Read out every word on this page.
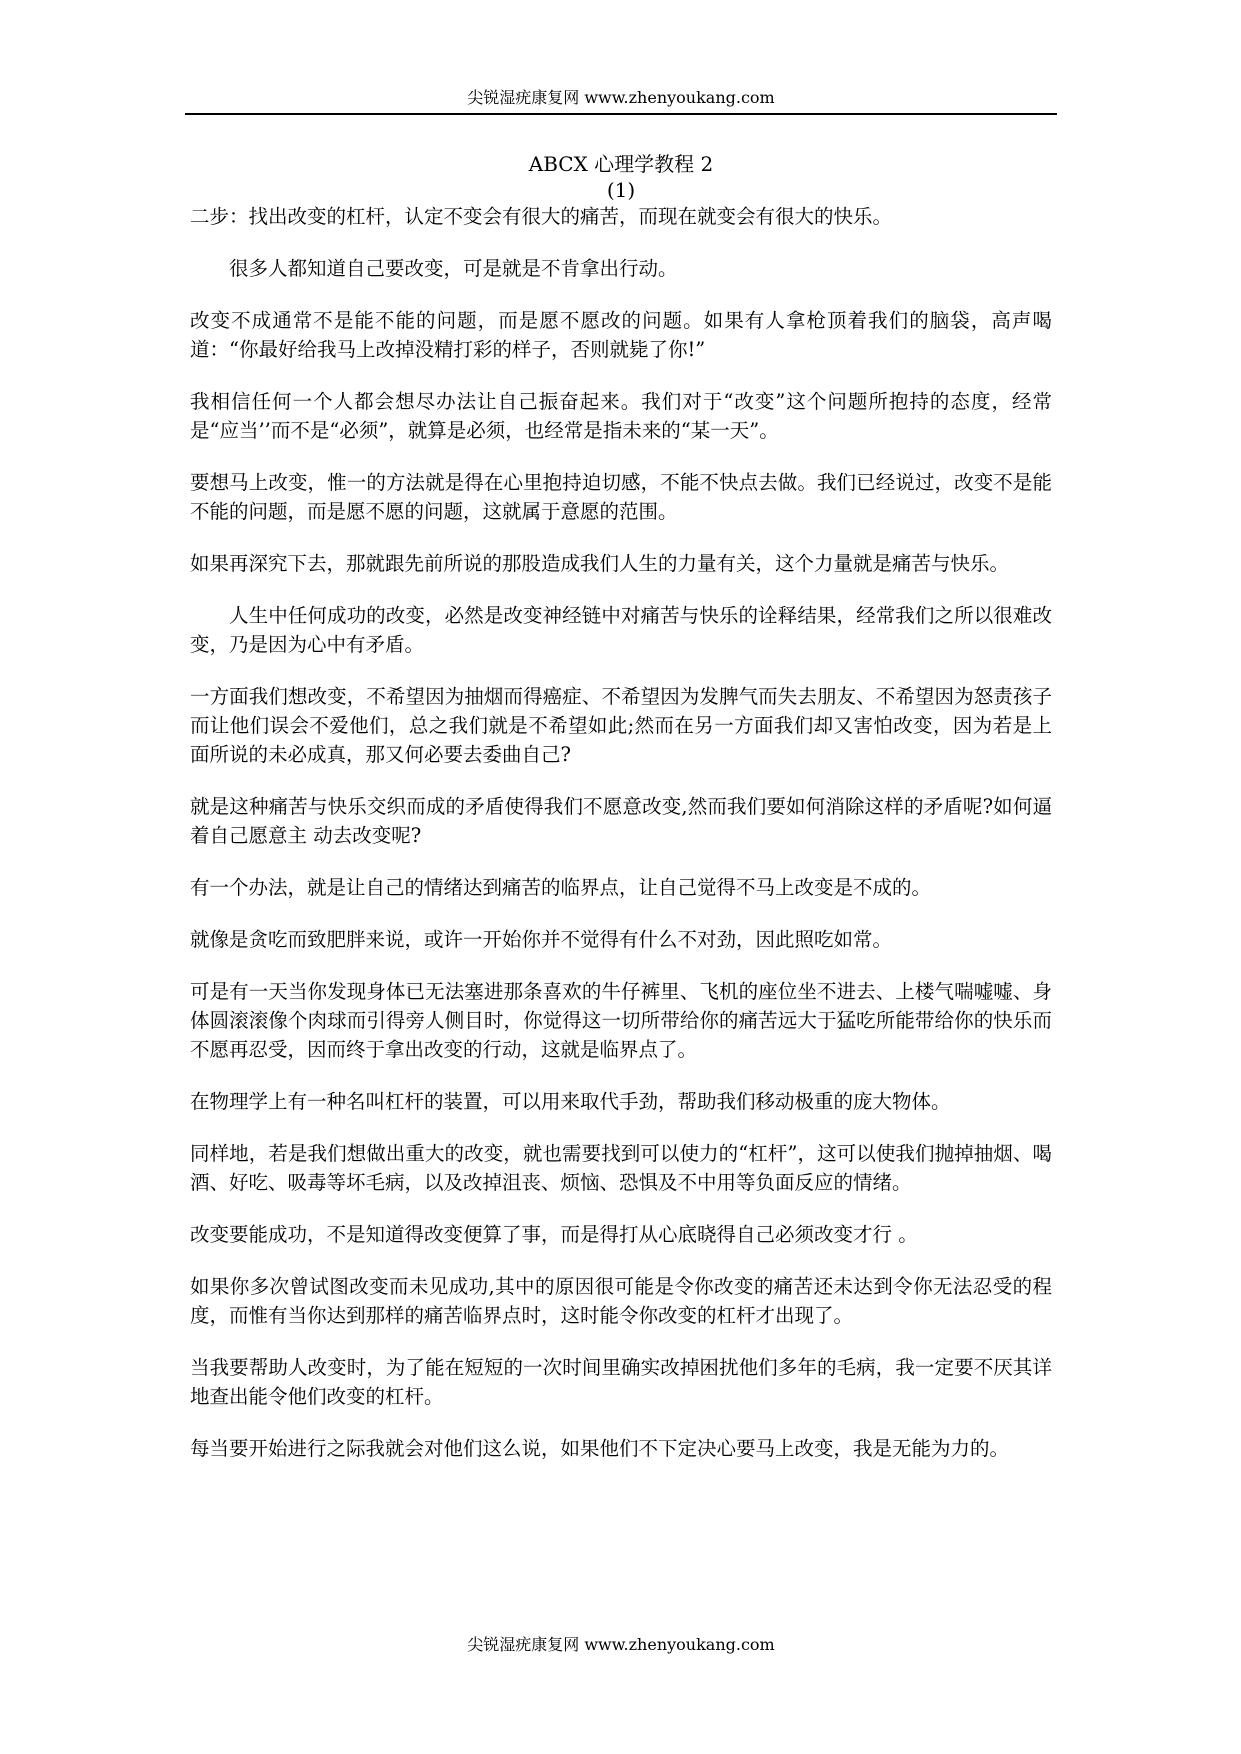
尖锐湿疣康复网 www.zhenyoukang.com
ABCX 心理学教程 2
(1)

二步：找出改变的杠杆，认定不变会有很大的痛苦，而现在就变会有很大的快乐。

很多人都知道自己要改变，可是就是不肯拿出行动。

改变不成通常不是能不能的问题，而是愿不愿改的问题。如果有人拿枪顶着我们的脑袋，高声喝道：“你最好给我马上改掉没精打彩的样子，否则就毙了你!”

我相信任何一个人都会想尽办法让自己振奋起来。我们对于“改变”这个问题所抱持的态度，经常是“应当’’而不是“必须”，就算是必须，也经常是指未来的“某一天”。

要想马上改变，惟一的方法就是得在心里抱持迫切感，不能不快点去做。我们已经说过，改变不是能不能的问题，而是愿不愿的问题，这就属于意愿的范围。

如果再深究下去，那就跟先前所说的那股造成我们人生的力量有关，这个力量就是痛苦与快乐。

人生中任何成功的改变，必然是改变神经链中对痛苦与快乐的诠释结果，经常我们之所以很难改变，乃是因为心中有矛盾。

一方面我们想改变，不希望因为抽烟而得癌症、不希望因为发脾气而失去朋友、不希望因为怒责孩子而让他们误会不爱他们，总之我们就是不希望如此;然而在另一方面我们却又害怕改变，因为若是上面所说的未必成真，那又何必要去委曲自己?

就是这种痛苦与快乐交织而成的矛盾使得我们不愿意改变,然而我们要如何消除这样的矛盾呢?如何逼着自己愿意主 动去改变呢?

有一个办法，就是让自己的情绪达到痛苦的临界点，让自己觉得不马上改变是不成的。

就像是贪吃而致肥胖来说，或许一开始你并不觉得有什么不对劲，因此照吃如常。

可是有一天当你发现身体已无法塞进那条喜欢的牛仔裤里、飞机的座位坐不进去、上楼气喘嘘嘘、身体圆滚滚像个肉球而引得旁人侧目时，你觉得这一切所带给你的痛苦远大于猛吃所能带给你的快乐而不愿再忍受，因而终于拿出改变的行动，这就是临界点了。

在物理学上有一种名叫杠杆的装置，可以用来取代手劲，帮助我们移动极重的庞大物体。

同样地，若是我们想做出重大的改变，就也需要找到可以使力的“杠杆”，这可以使我们抛掉抽烟、喝酒、好吃、吸毒等坏毛病，以及改掉沮丧、烦恼、恐惧及不中用等负面反应的情绪。

改变要能成功，不是知道得改变便算了事，而是得打从心底晓得自己必须改变才行 。

如果你多次曾试图改变而未见成功,其中的原因很可能是令你改变的痛苦还未达到令你无法忍受的程度，而惟有当你达到那样的痛苦临界点时，这时能令你改变的杠杆才出现了。

当我要帮助人改变时，为了能在短短的一次时间里确实改掉困扰他们多年的毛病，我一定要不厌其详地查出能令他们改变的杠杆。

每当要开始进行之际我就会对他们这么说，如果他们不下定决心要马上改变，我是无能为力的。

尖锐湿疣康复网 www.zhenyoukang.com
